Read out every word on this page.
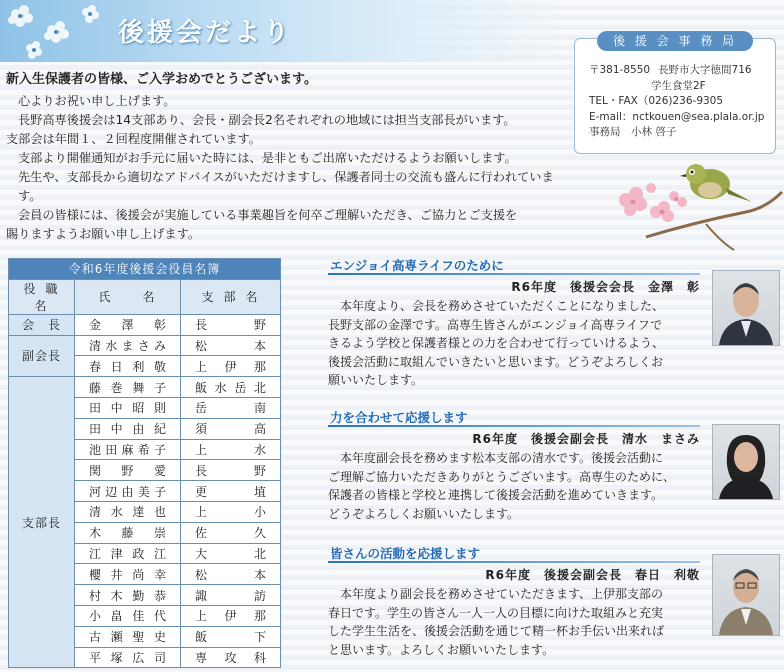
後援会だより	後 援 会 事 務 局
〒381-8550 長野市大字徳間716
学生食堂2F
TEL・FAX（026)236-9305
E-mail：nctkouen@sea.plala.or.jp
事務局　小林 啓子
新入生保護者の皆様、ご入学おめでとうございます。

心よりお祝い申し上げます。

長野高専後援会は14支部あり、会長・副会長2名それぞれの地域には担当支部長がいます。

支部会は年間１、２回程度開催されています。

支部より開催通知がお手元に届いた時には、是非ともご出席いただけるようお願いします。

先生や、支部長から適切なアドバイスがいただけますし、保護者同士の交流も盛んに行われています。

会員の皆様には、後援会が実施している事業趣旨を何卒ご理解いただき、ご協力とご支援を

賜りますようお願い申し上げます。

令和6年度後援会役員名簿		
役職名	氏　名	支部名
会　長	金澤彰	長野
副会長	清水まさみ	松本
	春日利敬	上伊那
支部長	藤巻舞子	飯水岳北
	田中昭則	岳南
	田中由紀	須高
	池田麻希子	上水
	関野愛	長野
	河辺由美子	更埴
	清水達也	上小
	木藤崇	佐久
	江津政江	大北
	櫻井尚幸	松本
	村木勤恭	諏訪
	小畠佳代	上伊那
	古瀬聖史	飯下
	平塚広司	専攻科
エンジョイ高専ライフのために
R6年度　後援会会長　金澤　彰
本年度より、会長を務めさせていただくことになりました、
長野支部の金澤です。高専生皆さんがエンジョイ高専ライフで
きるよう学校と保護者様との力を合わせて行っていけるよう、
後援会活動に取組んでいきたいと思います。どうぞよろしくお
願いいたします。
力を合わせて応援します
R6年度　後援会副会長　清水　まさみ
本年度副会長を務めます松本支部の清水です。後援会活動に
ご理解ご協力いただきありがとうございます。高専生のために、
保護者の皆様と学校と連携して後援会活動を進めていきます。
どうぞよろしくお願いいたします。
皆さんの活動を応援します
R6年度　後援会副会長　春日　利敬
本年度より副会長を務めさせていただきます、上伊那支部の
春日です。学生の皆さん一人一人の目標に向けた取組みと充実
した学生生活を、後援会活動を通じて精一杯お手伝い出来れば
と思います。よろしくお願いいたします。
